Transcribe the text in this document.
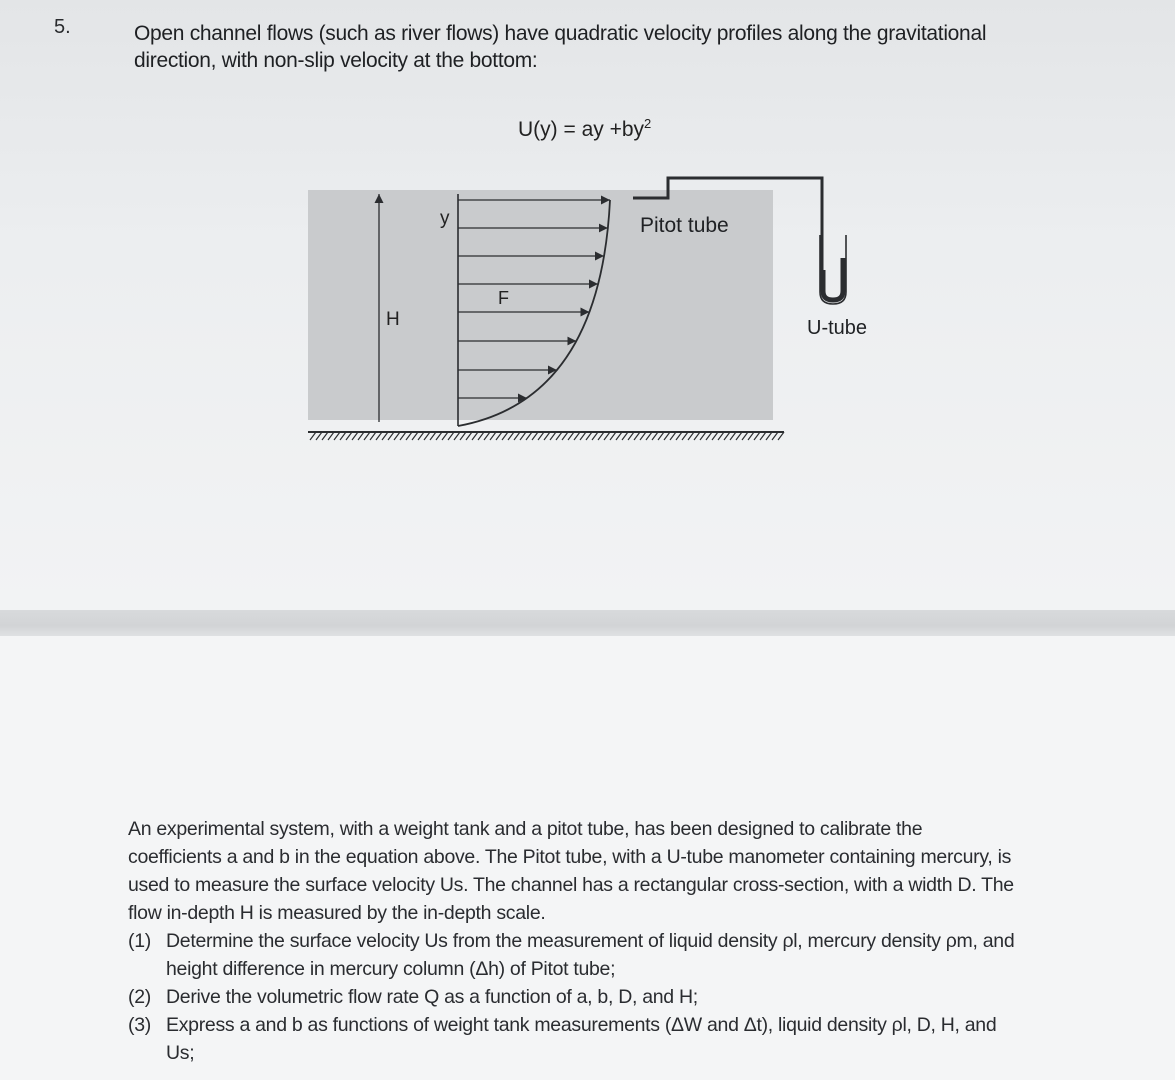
5.	Open channel flows (such as river flows) have quadratic velocity profiles along the gravitational direction, with non-slip velocity at the bottom:
U(y) = ay $+by^2$
H
y
F
Pitot tube
U-tube

An experimental system, with a weight tank and a pitot tube, has been designed to calibrate the coefficients a and b in the equation above. The Pitot tube, with a U-tube manometer containing mercury, is used to measure the surface velocity Us. The channel has a rectangular cross-section, with a width D. The flow in-depth H is measured by the in-depth scale.

(1) Determine the surface velocity Us from the measurement of liquid density ρl, mercury density ρm, and height difference in mercury column (Δh) of Pitot tube;
(2) Derive the volumetric flow rate Q as a function of a, b, D, and H;
(3) Express a and b as functions of weight tank measurements (ΔW and Δt), liquid density ρl, D, H, and Us;
